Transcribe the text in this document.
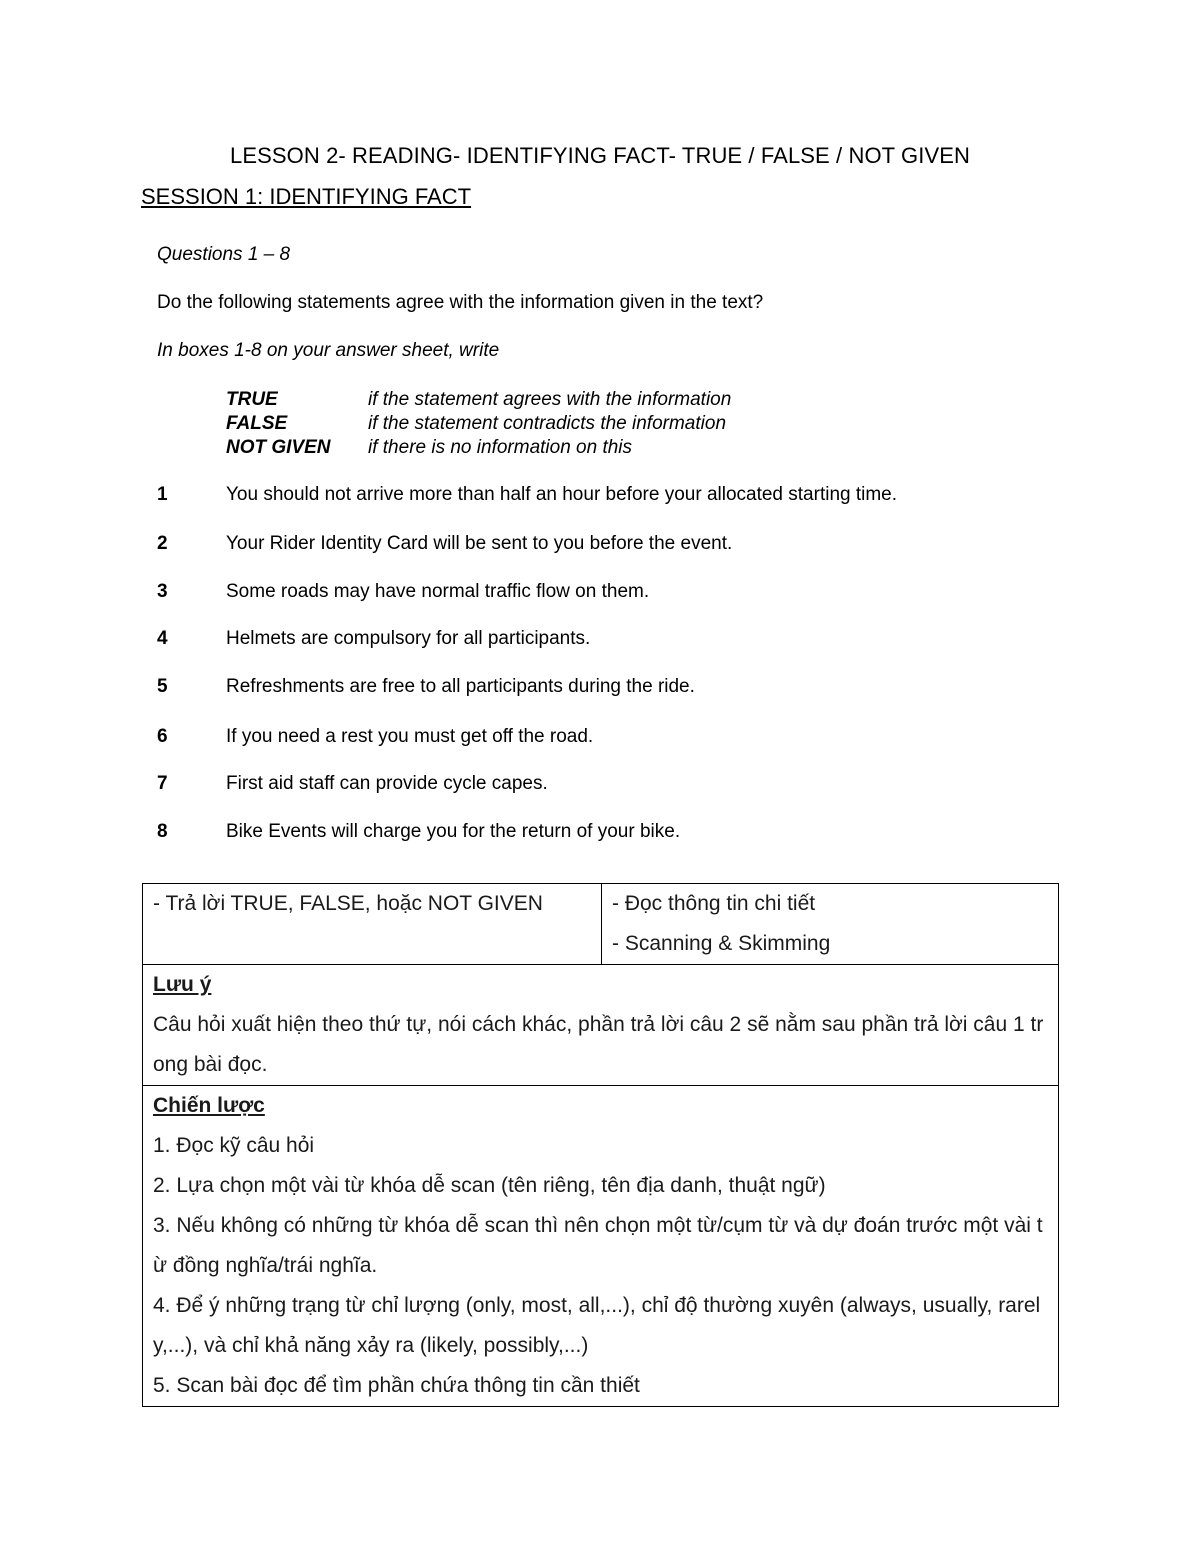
LESSON 2- READING- IDENTIFYING FACT- TRUE / FALSE / NOT GIVEN
SESSION 1: IDENTIFYING FACT
Questions 1 – 8
Do the following statements agree with the information given in the text?
In boxes 1-8 on your answer sheet, write
TRUE	if the statement agrees with the information
FALSE	if the statement contradicts the information
NOT GIVEN	if there is no information on this
1	You should not arrive more than half an hour before your allocated starting time.
2	Your Rider Identity Card will be sent to you before the event.
3	Some roads may have normal traffic flow on them.
4	Helmets are compulsory for all participants.
5	Refreshments are free to all participants during the ride.
6	If you need a rest you must get off the road.
7	First aid staff can provide cycle capes.
8	Bike Events will charge you for the return of your bike.
- Trả lời TRUE, FALSE, hoặc NOT GIVEN	- Đọc thông tin chi tiết
- Scanning & Skimming

Lưu ý
Câu hỏi xuất hiện theo thứ tự, nói cách khác, phần trả lời câu 2 sẽ nằm sau phần trả lời câu 1 trong bài đọc.

Chiến lược
1. Đọc kỹ câu hỏi
2. Lựa chọn một vài từ khóa dễ scan (tên riêng, tên địa danh, thuật ngữ)
3. Nếu không có những từ khóa dễ scan thì nên chọn một từ/cụm từ và dự đoán trước một vài từ đồng nghĩa/trái nghĩa.
4. Để ý những trạng từ chỉ lượng (only, most, all,...), chỉ độ thường xuyên (always, usually, rarely,...), và chỉ khả năng xảy ra (likely, possibly,...)
5. Scan bài đọc để tìm phần chứa thông tin cần thiết
